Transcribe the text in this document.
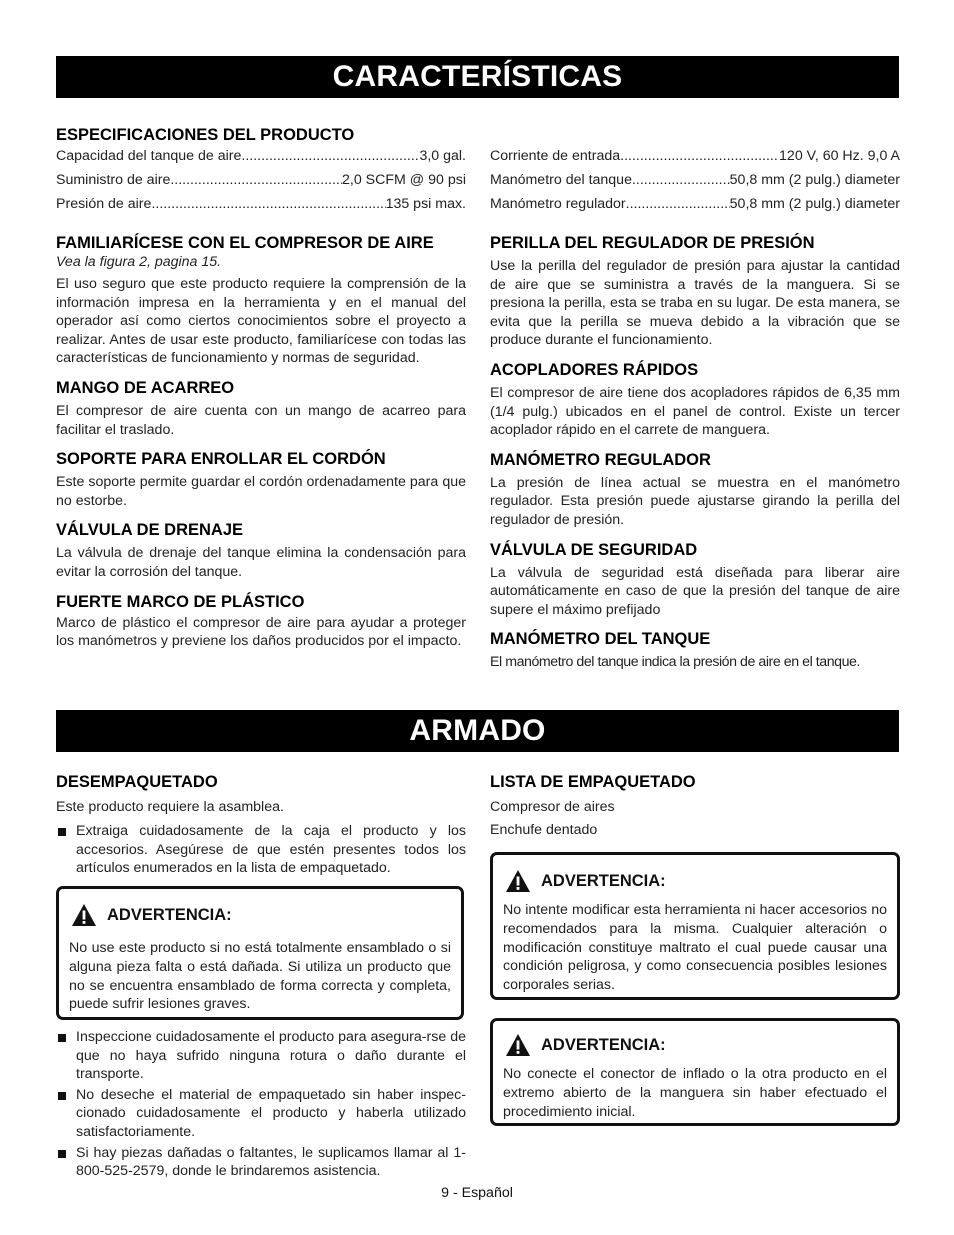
CARACTERÍSTICAS
ESPECIFICACIONES DEL PRODUCTO
Capacidad del tanque de aire .....	3,0 gal.
Suministro de aire .....	2,0 SCFM @ 90 psi
Presión de aire .....	135 psi max.
FAMILIARÍCESE CON EL COMPRESOR DE AIRE
Vea la figura 2, pagina 15.
El uso seguro que este producto requiere la comprensión de la información impresa en la herramienta y en el manual del operador así como ciertos conocimientos sobre el proyecto a realizar. Antes de usar este producto, familiarícese con todas las características de funcionamiento y normas de seguridad.
MANGO DE ACARREO
El compresor de aire cuenta con un mango de acarreo para facilitar el traslado.
SOPORTE PARA ENROLLAR EL CORDÓN
Este soporte permite guardar el cordón ordenadamente para que no estorbe.
VÁLVULA DE DRENAJE
La válvula de drenaje del tanque elimina la condensación para evitar la corrosión del tanque.
FUERTE MARCO DE PLÁSTICO
Marco de plástico el compresor de aire para ayudar a proteger los manómetros y previene los daños producidos por el impacto.
Corriente de entrada .....	120 V, 60 Hz. 9,0 A
Manómetro del tanque .....	50,8 mm (2 pulg.) diameter
Manómetro regulador .....	50,8 mm (2 pulg.) diameter
PERILLA DEL REGULADOR DE PRESIÓN
Use la perilla del regulador de presión para ajustar la cantidad de aire que se suministra a través de la manguera. Si se presiona la perilla, esta se traba en su lugar. De esta manera, se evita que la perilla se mueva debido a la vibración que se produce durante el funcionamiento.
ACOPLADORES RÁPIDOS
El compresor de aire tiene dos acopladores rápidos de 6,35 mm (1/4 pulg.) ubicados en el panel de control. Existe un tercer acoplador rápido en el carrete de manguera.
MANÓMETRO REGULADOR
La presión de línea actual se muestra en el manómetro regulador. Esta presión puede ajustarse girando la perilla del regulador de presión.
VÁLVULA DE SEGURIDAD
La válvula de seguridad está diseñada para liberar aire automáticamente en caso de que la presión del tanque de aire supere el máximo prefijado
MANÓMETRO DEL TANQUE
El manómetro del tanque indica la presión de aire en el tanque.
ARMADO
DESEMPAQUETADO
Este producto requiere la asamblea.
Extraiga cuidadosamente de la caja el producto y los accesorios. Asegúrese de que estén presentes todos los artículos enumerados en la lista de empaquetado.
ADVERTENCIA:
No use este producto si no está totalmente ensamblado o si alguna pieza falta o está dañada. Si utiliza un producto que no se encuentra ensamblado de forma correcta y completa, puede sufrir lesiones graves.
Inspeccione cuidadosamente el producto para asegura-rse de que no haya sufrido ninguna rotura o daño durante el transporte.
No deseche el material de empaquetado sin haber inspec-cionado cuidadosamente el producto y haberla utilizado satisfactoriamente.
Si hay piezas dañadas o faltantes, le suplicamos llamar al 1-800-525-2579, donde le brindaremos asistencia.
LISTA DE EMPAQUETADO
Compresor de aires
Enchufe dentado
ADVERTENCIA:
No intente modificar esta herramienta ni hacer accesorios no recomendados para la misma. Cualquier alteración o modificación constituye maltrato el cual puede causar una condición peligrosa, y como consecuencia posibles lesiones corporales serias.
ADVERTENCIA:
No conecte el conector de inflado o la otra producto en el extremo abierto de la manguera sin haber efectuado el procedimiento inicial.
9 - Español
